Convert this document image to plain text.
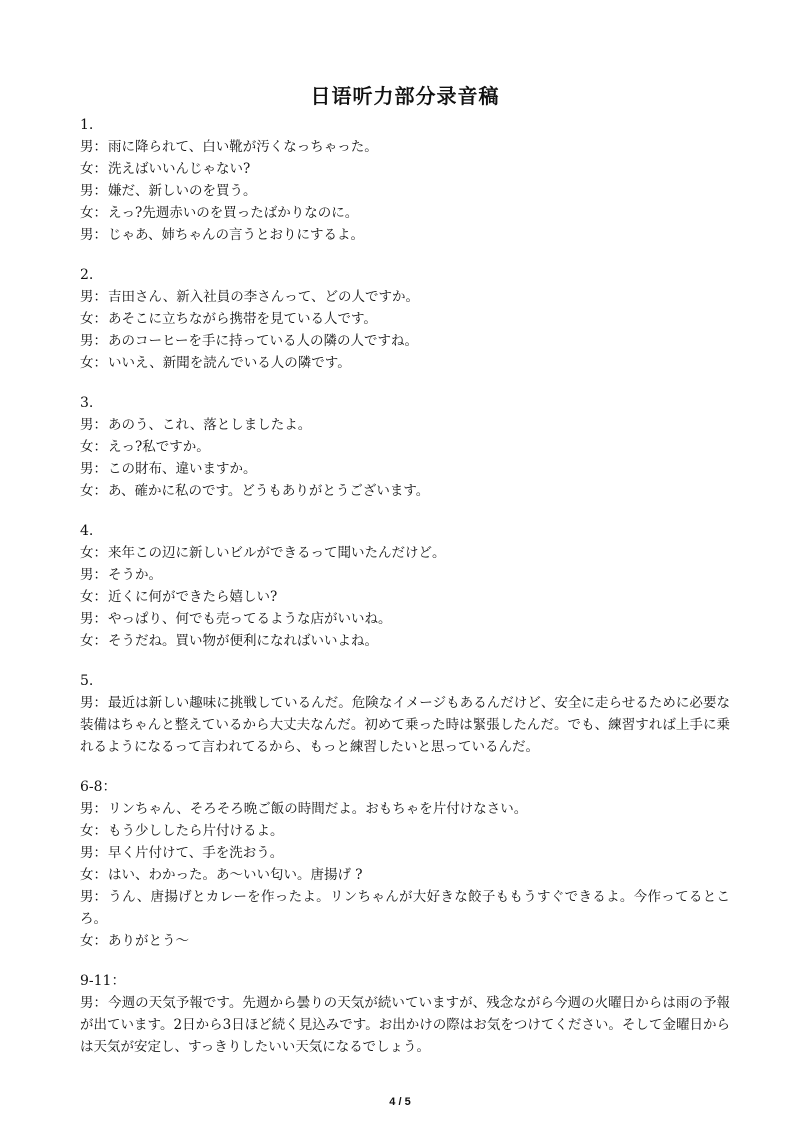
日语听力部分录音稿
1.
男：雨に降られて、白い靴が汚くなっちゃった。
女：洗えばいいんじゃない?
男：嫌だ、新しいのを買う。
女：えっ?先週赤いのを買ったばかりなのに。
男：じゃあ、姉ちゃんの言うとおりにするよ。
2.
男：吉田さん、新入社員の李さんって、どの人ですか。
女：あそこに立ちながら携帯を見ている人です。
男：あのコーヒーを手に持っている人の隣の人ですね。
女：いいえ、新聞を読んでいる人の隣です。
3.
男：あのう、これ、落としましたよ。
女：えっ?私ですか。
男：この財布、違いますか。
女：あ、確かに私のです。どうもありがとうございます。
4.
女：来年この辺に新しいビルができるって聞いたんだけど。
男：そうか。
女：近くに何ができたら嬉しい?
男：やっぱり、何でも売ってるような店がいいね。
女：そうだね。買い物が便利になればいいよね。
5.
男：最近は新しい趣味に挑戦しているんだ。危険なイメージもあるんだけど、安全に走らせるために必要な装備はちゃんと整えているから大丈夫なんだ。初めて乗った時は緊張したんだ。でも、練習すれば上手に乗れるようになるって言われてるから、もっと練習したいと思っているんだ。
6-8：
男：リンちゃん、そろそろ晩ご飯の時間だよ。おもちゃを片付けなさい。
女：もう少ししたら片付けるよ。
男：早く片付けて、手を洗おう。
女：はい、わかった。あ～いい匂い。唐揚げ ?
男：うん、唐揚げとカレーを作ったよ。リンちゃんが大好きな餃子ももうすぐできるよ。今作ってるところ。
女：ありがとう～
9-11：
男：今週の天気予報です。先週から曇りの天気が続いていますが、残念ながら今週の火曜日からは雨の予報が出ています。2日から3日ほど続く見込みです。お出かけの際はお気をつけてください。そして金曜日からは天気が安定し、すっきりしたいい天気になるでしょう。
4 / 5
